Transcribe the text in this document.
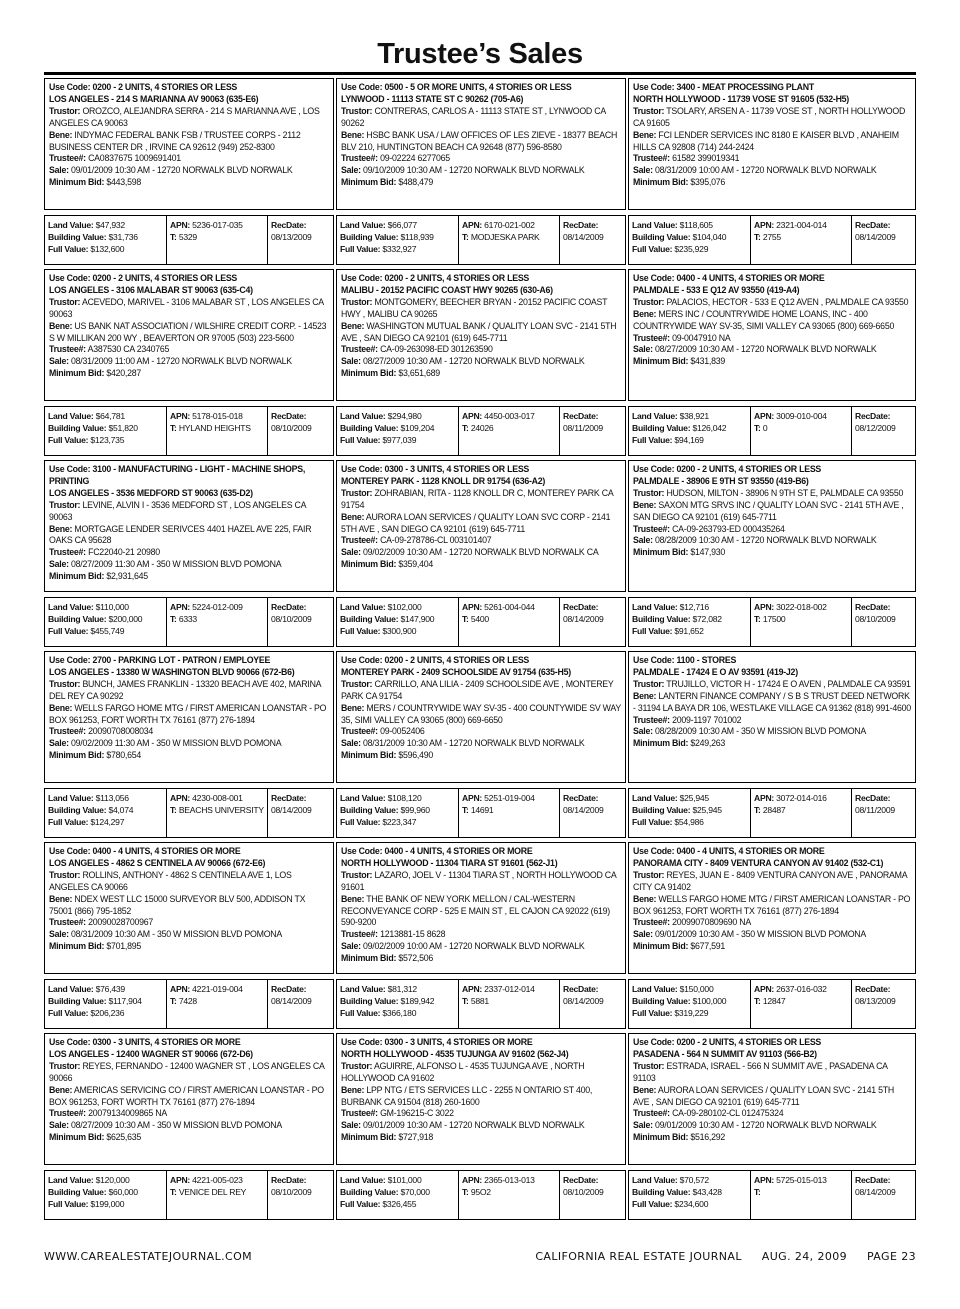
Trustee’s Sales
Use Code: 0200 - 2 UNITS, 4 STORIES OR LESS
LOS ANGELES - 214 S MARIANNA AV 90063 (635-E6)
Trustor: OROZCO, ALEJANDRA SERRA - 214 S MARIANNA AVE , LOS ANGELES CA 90063
Bene: INDYMAC FEDERAL BANK FSB / TRUSTEE CORPS - 2112 BUSINESS CENTER DR , IRVINE CA 92612 (949) 252-8300
Trustee#: CA0837675 1009691401
Sale: 09/01/2009 10:30 AM - 12720 NORWALK BLVD NORWALK
Minimum Bid: $443,598
Land Value: $47,932
Building Value: $31,736
Full Value: $132,600
APN: 5236-017-035
T: 5329
RecDate:
08/13/2009
Use Code: 0500 - 5 OR MORE UNITS, 4 STORIES OR LESS
LYNWOOD - 11113 STATE ST C 90262 (705-A6)
Trustor: CONTRERAS, CARLOS A - 11113 STATE ST , LYNWOOD CA 90262
Bene: HSBC BANK USA / LAW OFFICES OF LES ZIEVE - 18377 BEACH BLV 210, HUNTINGTON BEACH CA 92648 (877) 596-8580
Trustee#: 09-02224 6277065
Sale: 09/10/2009 10:30 AM - 12720 NORWALK BLVD NORWALK
Minimum Bid: $488,479
Land Value: $66,077
Building Value: $118,939
Full Value: $332,927
APN: 6170-021-002
T: MODJESKA PARK
RecDate:
08/14/2009
Use Code: 3400 - MEAT PROCESSING PLANT
NORTH HOLLYWOOD - 11739 VOSE ST 91605 (532-H5)
Trustor: TSOLARY, ARSEN A - 11739 VOSE ST , NORTH HOLLYWOOD CA 91605
Bene: FCI LENDER SERVICES INC 8180 E KAISER BLVD , ANAHEIM HILLS CA 92808 (714) 244-2424
Trustee#: 61582 399019341
Sale: 08/31/2009 10:00 AM - 12720 NORWALK BLVD NORWALK
Minimum Bid: $395,076
Land Value: $118,605
Building Value: $104,040
Full Value: $235,929
APN: 2321-004-014
T: 2755
RecDate:
08/14/2009
Use Code: 0200 - 2 UNITS, 4 STORIES OR LESS
LOS ANGELES - 3106 MALABAR ST 90063 (635-C4)
Trustor: ACEVEDO, MARIVEL - 3106 MALABAR ST , LOS ANGELES CA 90063
Bene: US BANK NAT ASSOCIATION / WILSHIRE CREDIT CORP. - 14523 S W MILLIKAN 200 WY , BEAVERTON OR 97005 (503) 223-5600
Trustee#: A387530 CA 2340765
Sale: 08/31/2009 11:00 AM - 12720 NORWALK BLVD NORWALK
Minimum Bid: $420,287
Land Value: $64,781
Building Value: $51,820
Full Value: $123,735
APN: 5178-015-018
T: HYLAND HEIGHTS
RecDate:
08/10/2009
Use Code: 0200 - 2 UNITS, 4 STORIES OR LESS
MALIBU - 20152 PACIFIC COAST HWY 90265 (630-A6)
Trustor: MONTGOMERY, BEECHER BRYAN - 20152 PACIFIC COAST HWY , MALIBU CA 90265
Bene: WASHINGTON MUTUAL BANK / QUALITY LOAN SVC - 2141 5TH AVE , SAN DIEGO CA 92101 (619) 645-7711
Trustee#: CA-09-263098-ED 301263590
Sale: 08/27/2009 10:30 AM - 12720 NORWALK BLVD NORWALK
Minimum Bid: $3,651,689
Land Value: $294,980
Building Value: $109,204
Full Value: $977,039
APN: 4450-003-017
T: 24026
RecDate:
08/11/2009
Use Code: 0400 - 4 UNITS, 4 STORIES OR MORE
PALMDALE - 533 E Q12 AV 93550 (419-A4)
Trustor: PALACIOS, HECTOR - 533 E Q12 AVEN , PALMDALE CA 93550
Bene: MERS INC / COUNTRYWIDE HOME LOANS, INC - 400 COUNTRYWIDE WAY SV-35, SIMI VALLEY CA 93065 (800) 669-6650
Trustee#: 09-0047910 NA
Sale: 08/27/2009 10:30 AM - 12720 NORWALK BLVD NORWALK
Minimum Bid: $431,839
Land Value: $38,921
Building Value: $126,042
Full Value: $94,169
APN: 3009-010-004
T: 0
RecDate:
08/12/2009
Use Code: 3100 - MANUFACTURING - LIGHT - MACHINE SHOPS, PRINTING
LOS ANGELES - 3536 MEDFORD ST 90063 (635-D2)
Trustor: LEVINE, ALVIN I - 3536 MEDFORD ST , LOS ANGELES CA 90063
Bene: MORTGAGE LENDER SERIVCES 4401 HAZEL AVE 225, FAIR OAKS CA 95628
Trustee#: FC22040-21 20980
Sale: 08/27/2009 11:30 AM - 350 W MISSION BLVD POMONA
Minimum Bid: $2,931,645
Land Value: $110,000
Building Value: $200,000
Full Value: $455,749
APN: 5224-012-009
T: 6333
RecDate:
08/10/2009
Use Code: 0300 - 3 UNITS, 4 STORIES OR LESS
MONTEREY PARK - 1128 KNOLL DR 91754 (636-A2)
Trustor: ZOHRABIAN, RITA - 1128 KNOLL DR C, MONTEREY PARK CA 91754
Bene: AURORA LOAN SERVICES / QUALITY LOAN SVC CORP - 2141 5TH AVE , SAN DIEGO CA 92101 (619) 645-7711
Trustee#: CA-09-278786-CL 003101407
Sale: 09/02/2009 10:30 AM - 12720 NORWALK BLVD NORWALK CA
Minimum Bid: $359,404
Land Value: $102,000
Building Value: $147,900
Full Value: $300,900
APN: 5261-004-044
T: 5400
RecDate:
08/14/2009
Use Code: 0200 - 2 UNITS, 4 STORIES OR LESS
PALMDALE - 38906 E 9TH ST 93550 (419-B6)
Trustor: HUDSON, MILTON - 38906 N 9TH ST E, PALMDALE CA 93550
Bene: SAXON MTG SRVS INC / QUALITY LOAN SVC - 2141 5TH AVE , SAN DIEGO CA 92101 (619) 645-7711
Trustee#: CA-09-263793-ED 000435264
Sale: 08/28/2009 10:30 AM - 12720 NORWALK BLVD NORWALK
Minimum Bid: $147,930
Land Value: $12,716
Building Value: $72,082
Full Value: $91,652
APN: 3022-018-002
T: 17500
RecDate:
08/10/2009
Use Code: 2700 - PARKING LOT - PATRON / EMPLOYEE
LOS ANGELES - 13380 W WASHINGTON BLVD 90066 (672-B6)
Trustor: BUNCH, JAMES FRANKLIN - 13320 BEACH AVE 402, MARINA DEL REY CA 90292
Bene: WELLS FARGO HOME MTG / FIRST AMERICAN LOANSTAR - PO BOX 961253, FORT WORTH TX 76161 (877) 276-1894
Trustee#: 20090708008034
Sale: 09/02/2009 11:30 AM - 350 W MISSION BLVD POMONA
Minimum Bid: $780,654
Land Value: $113,056
Building Value: $4,074
Full Value: $124,297
APN: 4230-008-001
T: BEACHS UNIVERSITY
RecDate:
08/14/2009
Use Code: 0200 - 2 UNITS, 4 STORIES OR LESS
MONTEREY PARK - 2409 SCHOOLSIDE AV 91754 (635-H5)
Trustor: CARRILLO, ANA LILIA - 2409 SCHOOLSIDE AVE , MONTEREY PARK CA 91754
Bene: MERS / COUNTRYWIDE WAY SV-35 - 400 COUNTYWIDE SV WAY 35, SIMI VALLEY CA 93065 (800) 669-6650
Trustee#: 09-0052406
Sale: 08/31/2009 10:30 AM - 12720 NORWALK BLVD NORWALK
Minimum Bid: $596,490
Land Value: $108,120
Building Value: $99,960
Full Value: $223,347
APN: 5251-019-004
T: 14691
RecDate:
08/14/2009
Use Code: 1100 - STORES
PALMDALE - 17424 E O AV 93591 (419-J2)
Trustor: TRUJILLO, VICTOR H - 17424 E O AVEN , PALMDALE CA 93591
Bene: LANTERN FINANCE COMPANY / S B S TRUST DEED NETWORK - 31194 LA BAYA DR 106, WESTLAKE VILLAGE CA 91362 (818) 991-4600
Trustee#: 2009-1197 701002
Sale: 08/28/2009 10:30 AM - 350 W MISSION BLVD POMONA
Minimum Bid: $249,263
Land Value: $25,945
Building Value: $25,945
Full Value: $54,986
APN: 3072-014-016
T: 28487
RecDate:
08/11/2009
Use Code: 0400 - 4 UNITS, 4 STORIES OR MORE
LOS ANGELES - 4862 S CENTINELA AV 90066 (672-E6)
Trustor: ROLLINS, ANTHONY - 4862 S CENTINELA AVE 1, LOS ANGELES CA 90066
Bene: NDEX WEST LLC 15000 SURVEYOR BLV 500, ADDISON TX 75001 (866) 795-1852
Trustee#: 20090028700967
Sale: 08/31/2009 10:30 AM - 350 W MISSION BLVD POMONA
Minimum Bid: $701,895
Land Value: $76,439
Building Value: $117,904
Full Value: $206,236
APN: 4221-019-004
T: 7428
RecDate:
08/14/2009
Use Code: 0400 - 4 UNITS, 4 STORIES OR MORE
NORTH HOLLYWOOD - 11304 TIARA ST 91601 (562-J1)
Trustor: LAZARO, JOEL V - 11304 TIARA ST , NORTH HOLLYWOOD CA 91601
Bene: THE BANK OF NEW YORK MELLON / CAL-WESTERN RECONVEYANCE CORP - 525 E MAIN ST , EL CAJON CA 92022 (619) 590-9200
Trustee#: 1213881-15 8628
Sale: 09/02/2009 10:00 AM - 12720 NORWALK BLVD NORWALK
Minimum Bid: $572,506
Land Value: $81,312
Building Value: $189,942
Full Value: $366,180
APN: 2337-012-014
T: 5881
RecDate:
08/14/2009
Use Code: 0400 - 4 UNITS, 4 STORIES OR MORE
PANORAMA CITY - 8409 VENTURA CANYON AV 91402 (532-C1)
Trustor: REYES, JUAN E - 8409 VENTURA CANYON AVE , PANORAMA CITY CA 91402
Bene: WELLS FARGO HOME MTG / FIRST AMERICAN LOANSTAR - PO BOX 961253, FORT WORTH TX 76161 (877) 276-1894
Trustee#: 20099070809690 NA
Sale: 09/01/2009 10:30 AM - 350 W MISSION BLVD POMONA
Minimum Bid: $677,591
Land Value: $150,000
Building Value: $100,000
Full Value: $319,229
APN: 2637-016-032
T: 12847
RecDate:
08/13/2009
Use Code: 0300 - 3 UNITS, 4 STORIES OR MORE
LOS ANGELES - 12400 WAGNER ST 90066 (672-D6)
Trustor: REYES, FERNANDO - 12400 WAGNER ST , LOS ANGELES CA 90066
Bene: AMERICAS SERVICING CO / FIRST AMERICAN LOANSTAR - PO BOX 961253, FORT WORTH TX 76161 (877) 276-1894
Trustee#: 20079134009865 NA
Sale: 08/27/2009 10:30 AM - 350 W MISSION BLVD POMONA
Minimum Bid: $625,635
Land Value: $120,000
Building Value: $60,000
Full Value: $199,000
APN: 4221-005-023
T: VENICE DEL REY
RecDate:
08/10/2009
Use Code: 0300 - 3 UNITS, 4 STORIES OR MORE
NORTH HOLLYWOOD - 4535 TUJUNGA AV 91602 (562-J4)
Trustor: AGUIRRE, ALFONSO L - 4535 TUJUNGA AVE , NORTH HOLLYWOOD CA 91602
Bene: LPP NTG / ETS SERVICES LLC - 2255 N ONTARIO ST 400, BURBANK CA 91504 (818) 260-1600
Trustee#: GM-196215-C 3022
Sale: 09/01/2009 10:30 AM - 12720 NORWALK BLVD NORWALK
Minimum Bid: $727,918
Land Value: $101,000
Building Value: $70,000
Full Value: $326,455
APN: 2365-013-013
T: 95O2
RecDate:
08/10/2009
Use Code: 0200 - 2 UNITS, 4 STORIES OR LESS
PASADENA - 564 N SUMMIT AV 91103 (566-B2)
Trustor: ESTRADA, ISRAEL - 566 N SUMMIT AVE , PASADENA CA 91103
Bene: AURORA LOAN SERVICES / QUALITY LOAN SVC - 2141 5TH AVE , SAN DIEGO CA 92101 (619) 645-7711
Trustee#: CA-09-280102-CL 012475324
Sale: 09/01/2009 10:30 AM - 12720 NORWALK BLVD NORWALK
Minimum Bid: $516,292
Land Value: $70,572
Building Value: $43,428
Full Value: $234,600
APN: 5725-015-013
T:
RecDate:
08/14/2009
WWW.CAREALESTATEJOURNAL.COM	CALIFORNIA REAL ESTATE JOURNAL AUG. 24, 2009 PAGE 23
